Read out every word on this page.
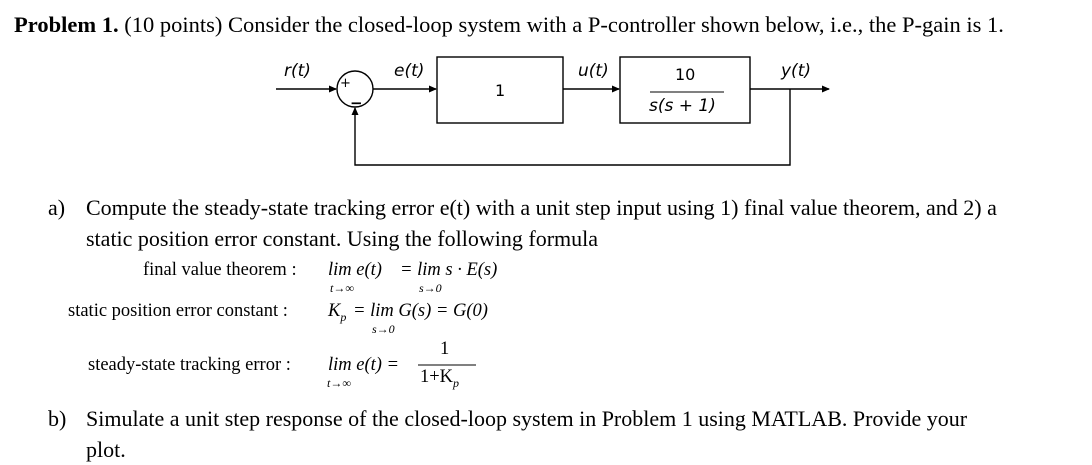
Problem 1. (10 points) Consider the closed-loop system with a P-controller shown below, i.e., the P-gain is 1.
r(t)	e(t)	u(t)	y(t)
+
−
1
10
s(s + 1)
a) Compute the steady-state tracking error e(t) with a unit step input using 1) final value theorem, and 2) a
static position error constant. Using the following formula
final value theorem : lim e(t)
t→∞
= lim s · E(s)
s→0
static position error constant : $K_p = \lim G(s) = G(0)$
s→0
steady-state tracking error : lim e(t) =
t→∞
1
$1+K_p$
b) Simulate a unit step response of the closed-loop system in Problem 1 using MATLAB. Provide your
plot.
